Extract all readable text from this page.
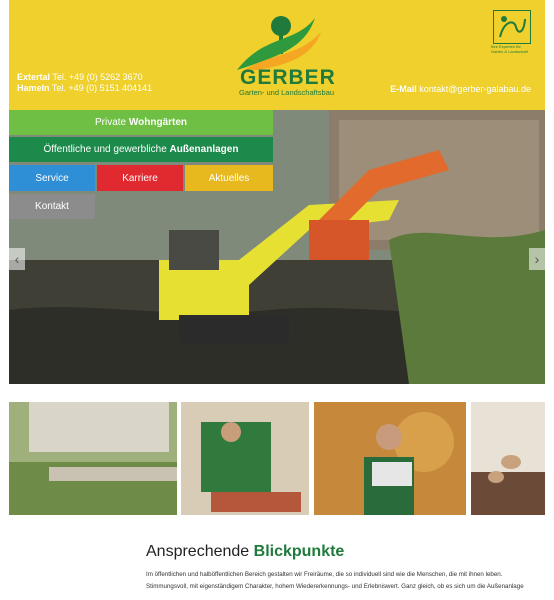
Ihre Experten für Garten & Landschaft
GERBER
Garten- und Landschaftsbau
Extertal Tel. +49 (0) 5262 3670
Hameln Tel. +49 (0) 5151 404141	E-Mail kontakt@gerber-galabau.de
Private
Wohngärten
Öffentliche und gewerbliche
Außenanlagen
Service	Karriere	Aktuelles
Kontakt
‹	›
Ansprechende Blickpunkte
Im öffentlichen und halböffentlichen Bereich gestalten wir Freiräume, die so individuell sind wie die Menschen, die mit ihnen leben.
Stimmungsvoll, mit eigenständigem Charakter, hohem Wiedererkennungs- und Erlebniswert. Ganz gleich, ob es sich um die Außenanlage
